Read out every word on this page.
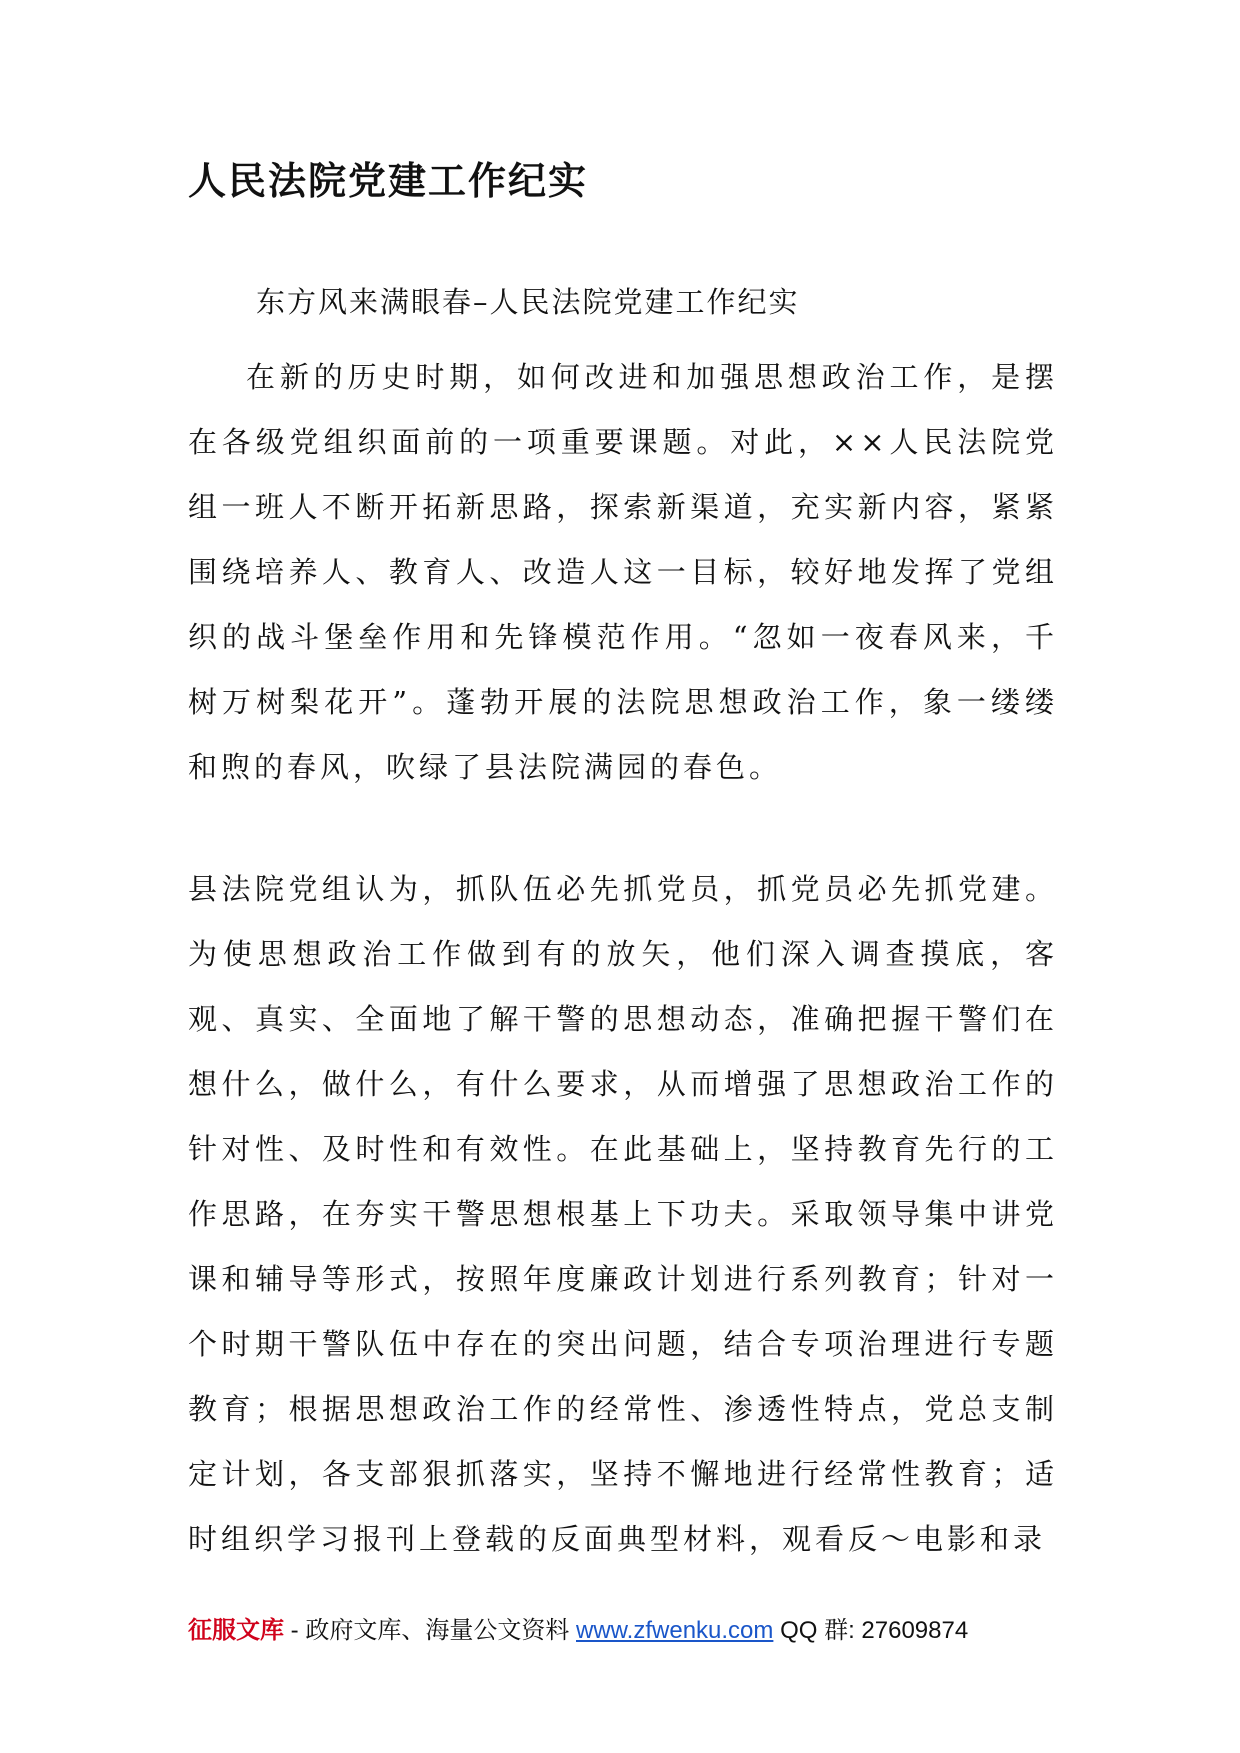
人民法院党建工作纪实
东方风来满眼春–人民法院党建工作纪实
在新的历史时期，如何改进和加强思想政治工作，是摆在各级党组织面前的一项重要课题。对此，××人民法院党组一班人不断开拓新思路，探索新渠道，充实新内容，紧紧围绕培养人、教育人、改造人这一目标，较好地发挥了党组织的战斗堡垒作用和先锋模范作用。“忽如一夜春风来，千树万树梨花开”。蓬勃开展的法院思想政治工作，象一缕缕和煦的春风，吹绿了县法院满园的春色。
县法院党组认为，抓队伍必先抓党员，抓党员必先抓党建。为使思想政治工作做到有的放矢，他们深入调查摸底，客观、真实、全面地了解干警的思想动态，准确把握干警们在想什么，做什么，有什么要求，从而增强了思想政治工作的针对性、及时性和有效性。在此基础上，坚持教育先行的工作思路，在夯实干警思想根基上下功夫。采取领导集中讲党课和辅导等形式，按照年度廉政计划进行系列教育；针对一个时期干警队伍中存在的突出问题，结合专项治理进行专题教育；根据思想政治工作的经常性、渗透性特点，党总支制定计划，各支部狠抓落实，坚持不懈地进行经常性教育；适时组织学习报刊上登载的反面典型材料，观看反～电影和录
征服文库 - 政府文库、海量公文资料 www.zfwenku.com QQ 群: 27609874
